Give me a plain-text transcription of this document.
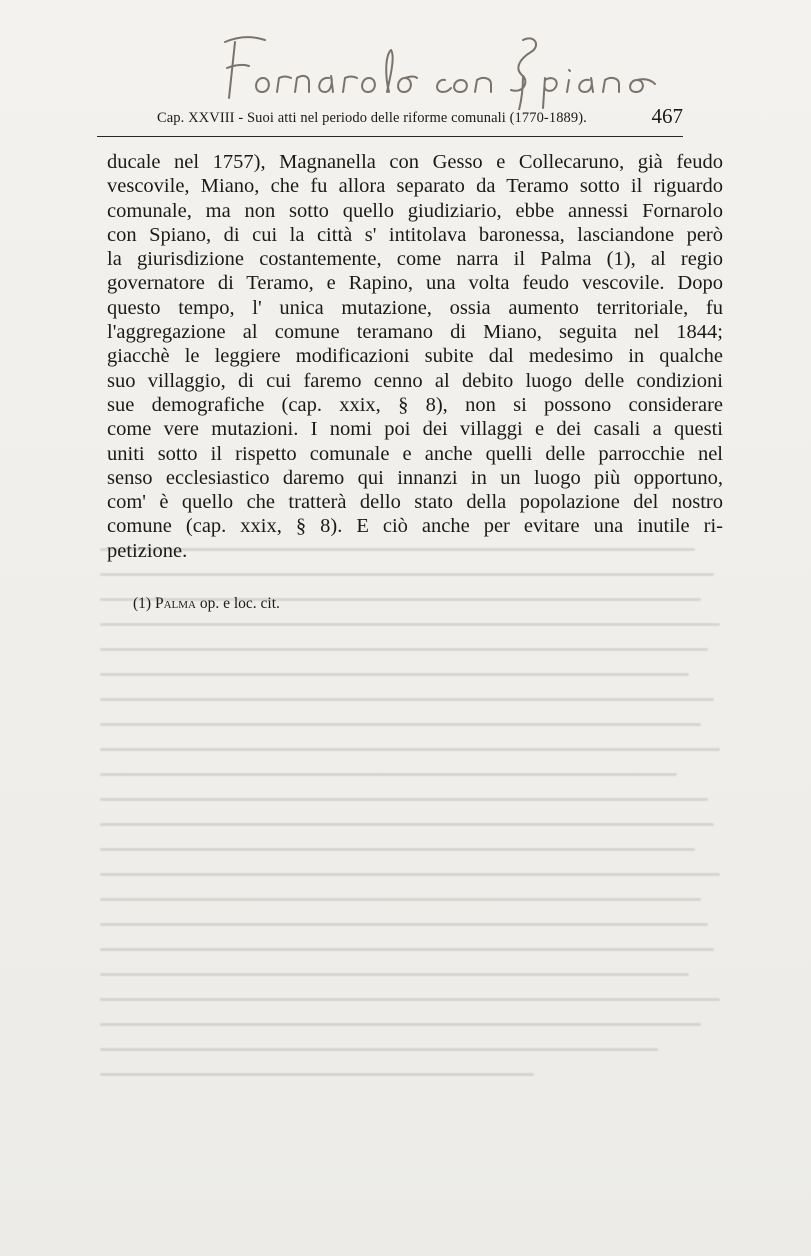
Cap. XXVIII - Suoi atti nel periodo delle riforme comunali (1770-1889).	467
ducale nel 1757), Magnanella con Gesso e Collecaruno, già feudo
vescovile, Miano, che fu allora separato da Teramo sotto il riguardo
comunale, ma non sotto quello giudiziario, ebbe annessi Fornarolo
con Spiano, di cui la città s' intitolava baronessa, lasciandone però
la giurisdizione costantemente, come narra il Palma (1), al regio
governatore di Teramo, e Rapino, una volta feudo vescovile. Dopo
questo tempo, l' unica mutazione, ossia aumento territoriale, fu
l'aggregazione al comune teramano di Miano, seguita nel 1844;
giacchè le leggiere modificazioni subite dal medesimo in qualche
suo villaggio, di cui faremo cenno al debito luogo delle condizioni
sue demografiche (cap. xxix, § 8), non si possono considerare
come vere mutazioni. I nomi poi dei villaggi e dei casali a questi
uniti sotto il rispetto comunale e anche quelli delle parrocchie nel
senso ecclesiastico daremo qui innanzi in un luogo più opportuno,
com' è quello che tratterà dello stato della popolazione del nostro
comune (cap. xxix, § 8). E ciò anche per evitare una inutile ri-
petizione.
(1) Palma op. e loc. cit.
